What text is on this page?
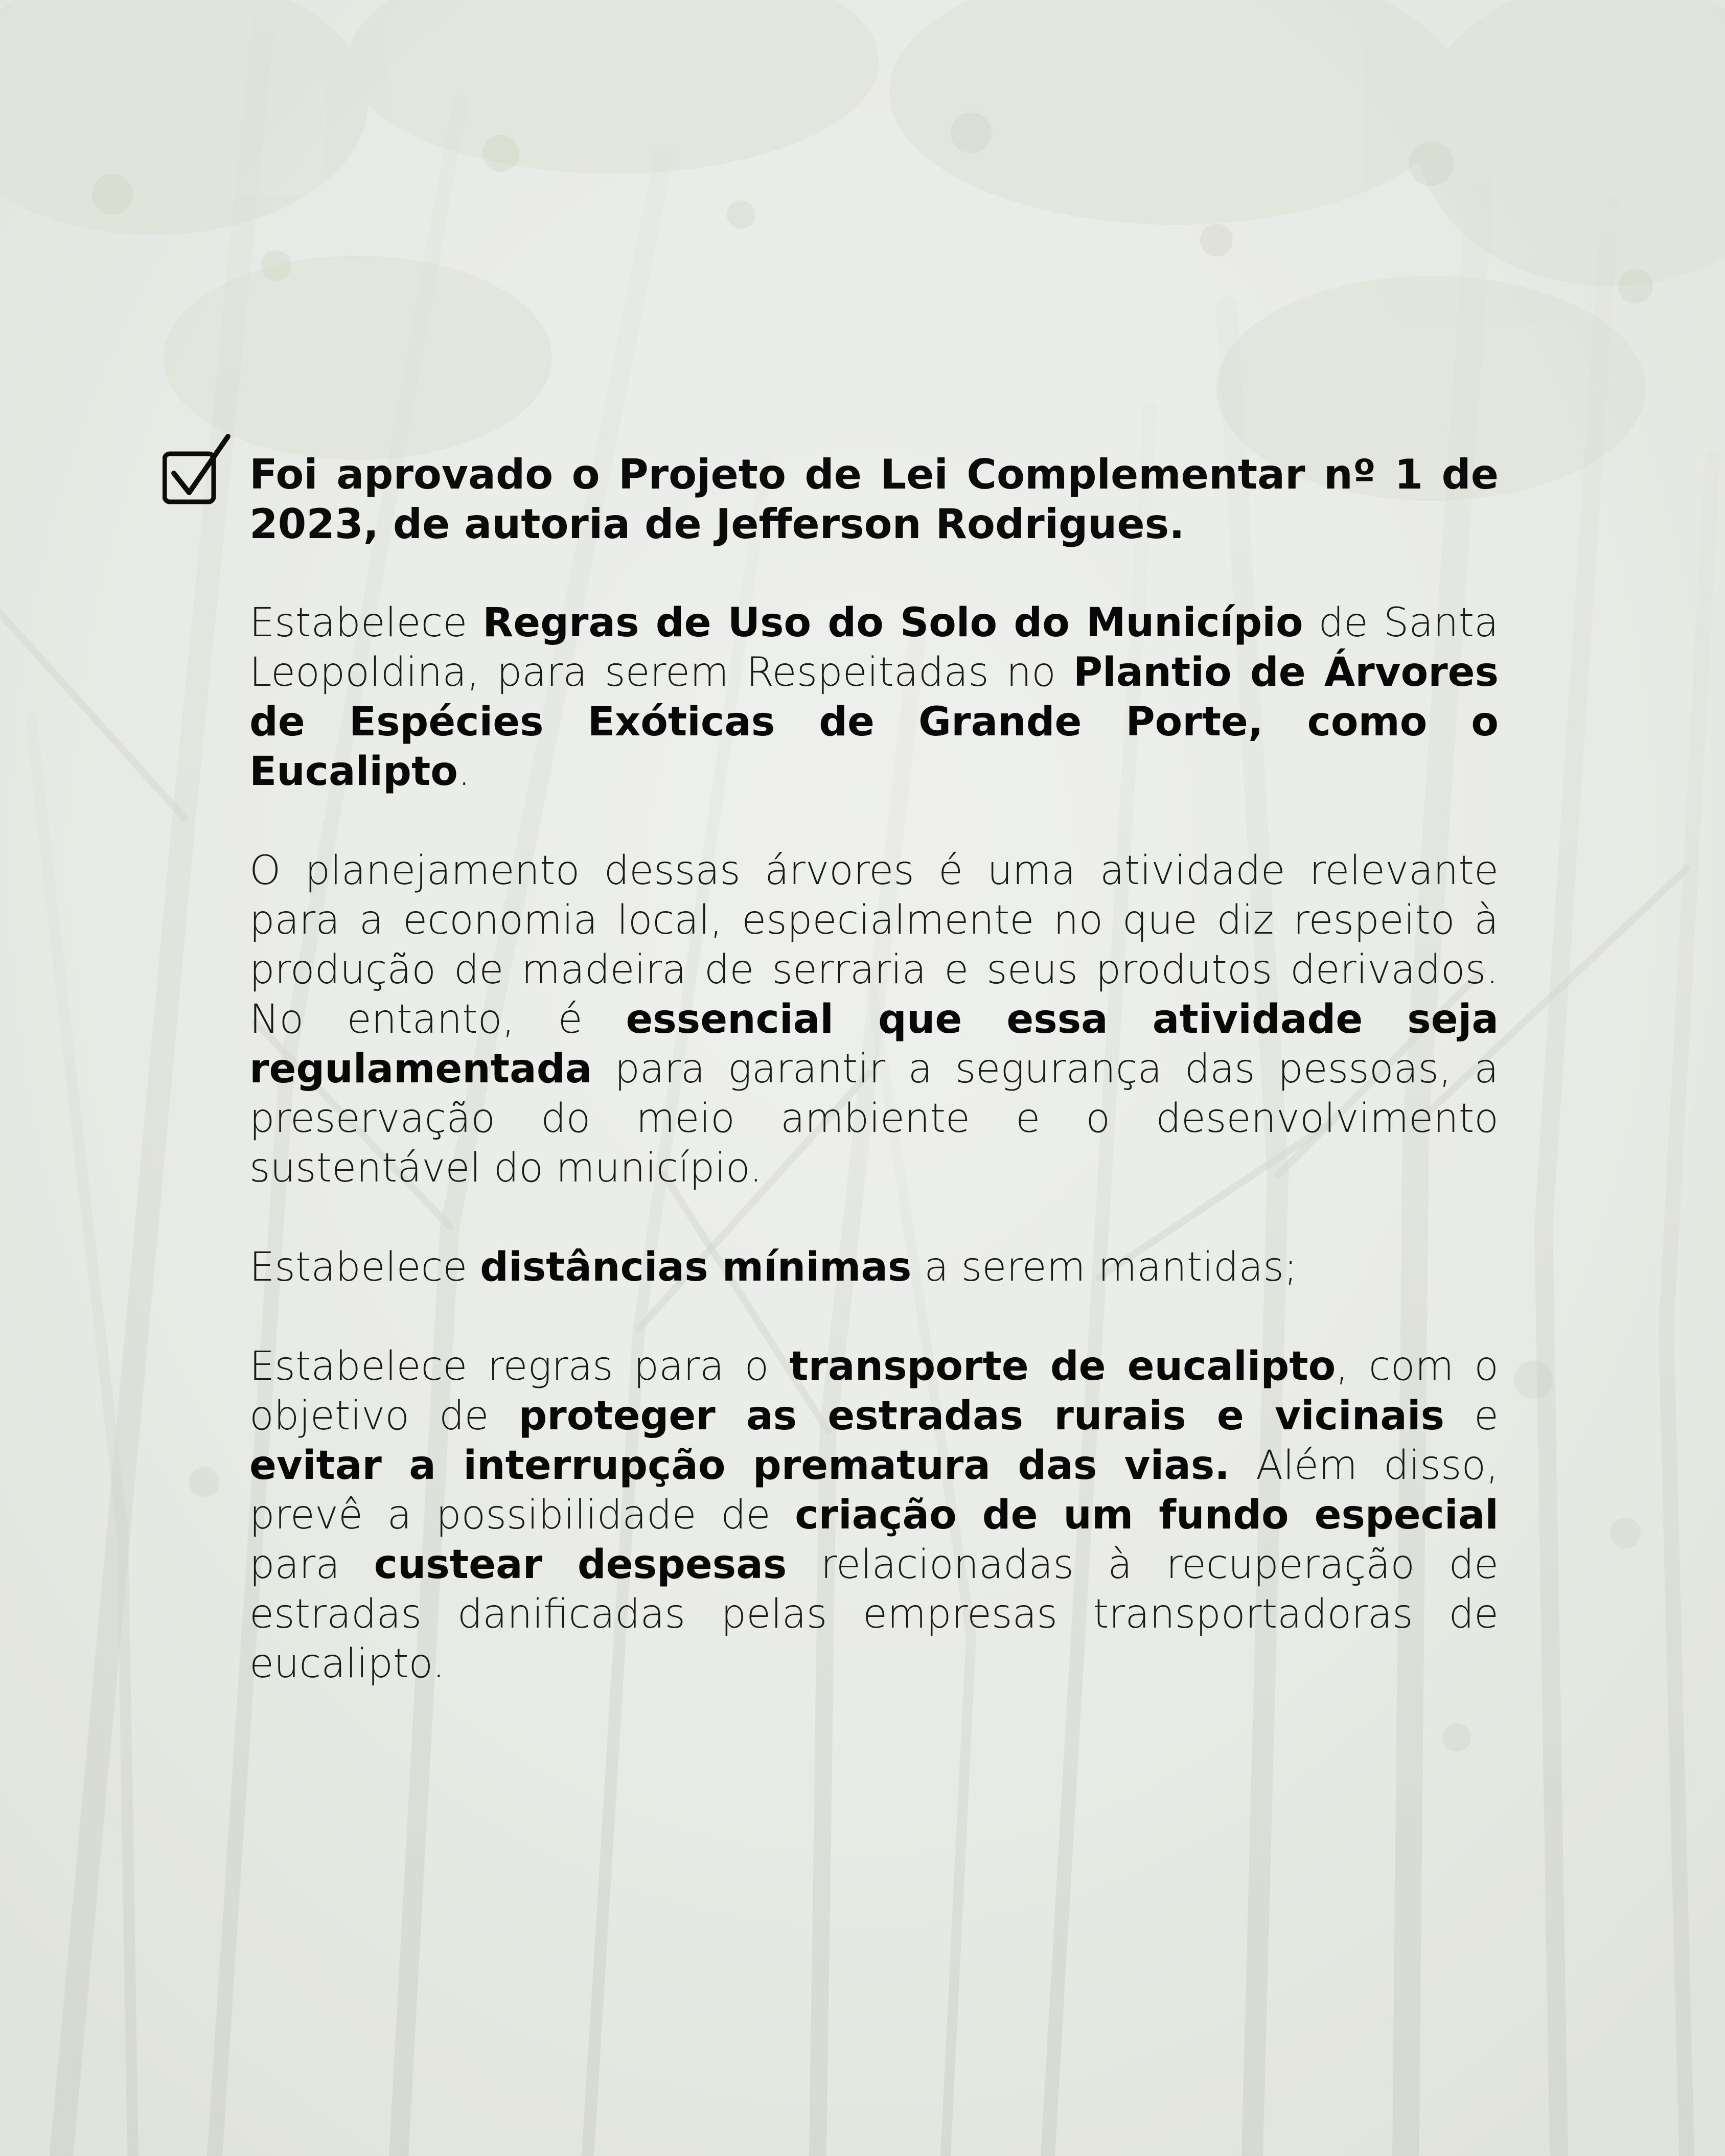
Foi aprovado o Projeto de Lei Complementar nº 1 de 2023, de autoria de Jefferson Rodrigues.

Estabelece Regras de Uso do Solo do Município de Santa Leopoldina, para serem Respeitadas no Plantio de Árvores de Espécies Exóticas de Grande Porte, como o Eucalipto.

O planejamento dessas árvores é uma atividade relevante para a economia local, especialmente no que diz respeito à produção de madeira de serraria e seus produtos derivados. No entanto, é essencial que essa atividade seja regulamentada para garantir a segurança das pessoas, a preservação do meio ambiente e o desenvolvimento sustentável do município.

Estabelece distâncias mínimas a serem mantidas;

Estabelece regras para o transporte de eucalipto, com o objetivo de proteger as estradas rurais e vicinais e evitar a interrupção prematura das vias. Além disso, prevê a possibilidade de criação de um fundo especial para custear despesas relacionadas à recuperação de estradas danificadas pelas empresas transportadoras de eucalipto.
